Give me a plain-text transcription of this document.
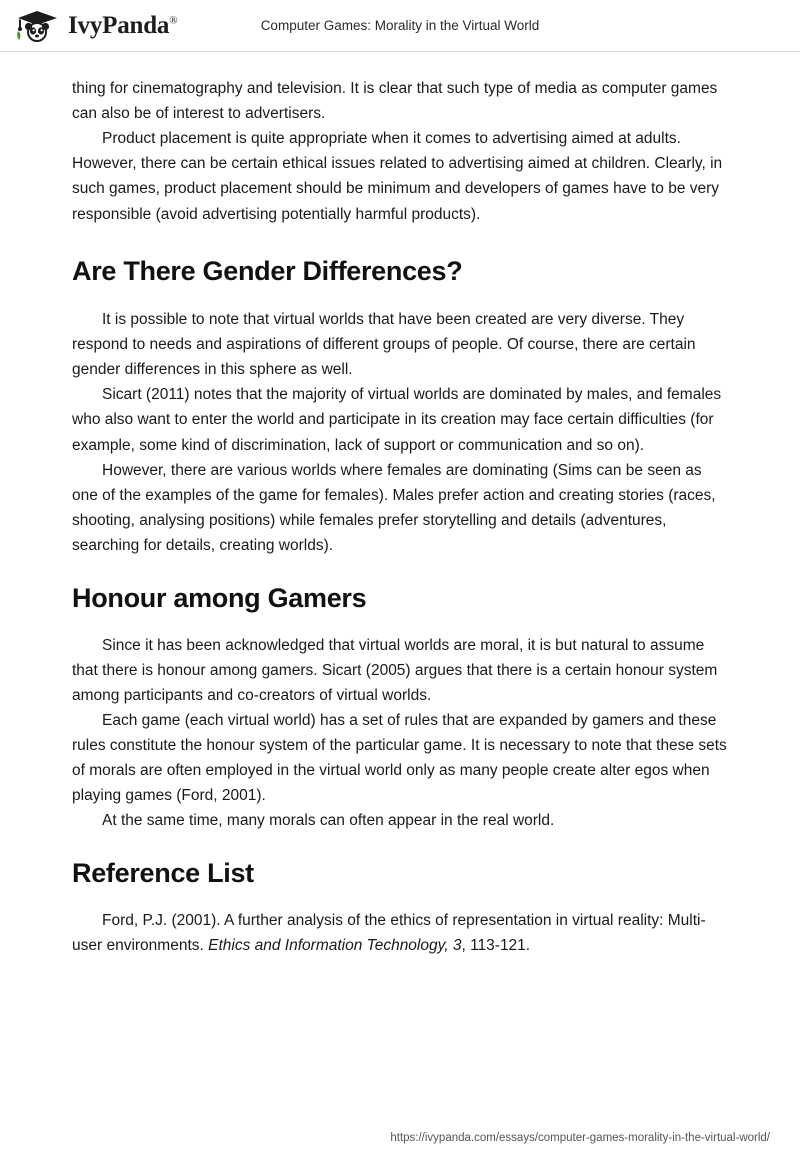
IvyPanda®	Computer Games: Morality in the Virtual World

thing for cinematography and television. It is clear that such type of media as computer games can also be of interest to advertisers.

Product placement is quite appropriate when it comes to advertising aimed at adults. However, there can be certain ethical issues related to advertising aimed at children. Clearly, in such games, product placement should be minimum and developers of games have to be very responsible (avoid advertising potentially harmful products).

Are There Gender Differences?

It is possible to note that virtual worlds that have been created are very diverse. They respond to needs and aspirations of different groups of people. Of course, there are certain gender differences in this sphere as well.

Sicart (2011) notes that the majority of virtual worlds are dominated by males, and females who also want to enter the world and participate in its creation may face certain difficulties (for example, some kind of discrimination, lack of support or communication and so on).

However, there are various worlds where females are dominating (Sims can be seen as one of the examples of the game for females). Males prefer action and creating stories (races, shooting, analysing positions) while females prefer storytelling and details (adventures, searching for details, creating worlds).

Honour among Gamers

Since it has been acknowledged that virtual worlds are moral, it is but natural to assume that there is honour among gamers. Sicart (2005) argues that there is a certain honour system among participants and co-creators of virtual worlds.

Each game (each virtual world) has a set of rules that are expanded by gamers and these rules constitute the honour system of the particular game. It is necessary to note that these sets of morals are often employed in the virtual world only as many people create alter egos when playing games (Ford, 2001).

At the same time, many morals can often appear in the real world.

Reference List

Ford, P.J. (2001). A further analysis of the ethics of representation in virtual reality: Multi-user environments. Ethics and Information Technology, 3, 113-121.

https://ivypanda.com/essays/computer-games-morality-in-the-virtual-world/
